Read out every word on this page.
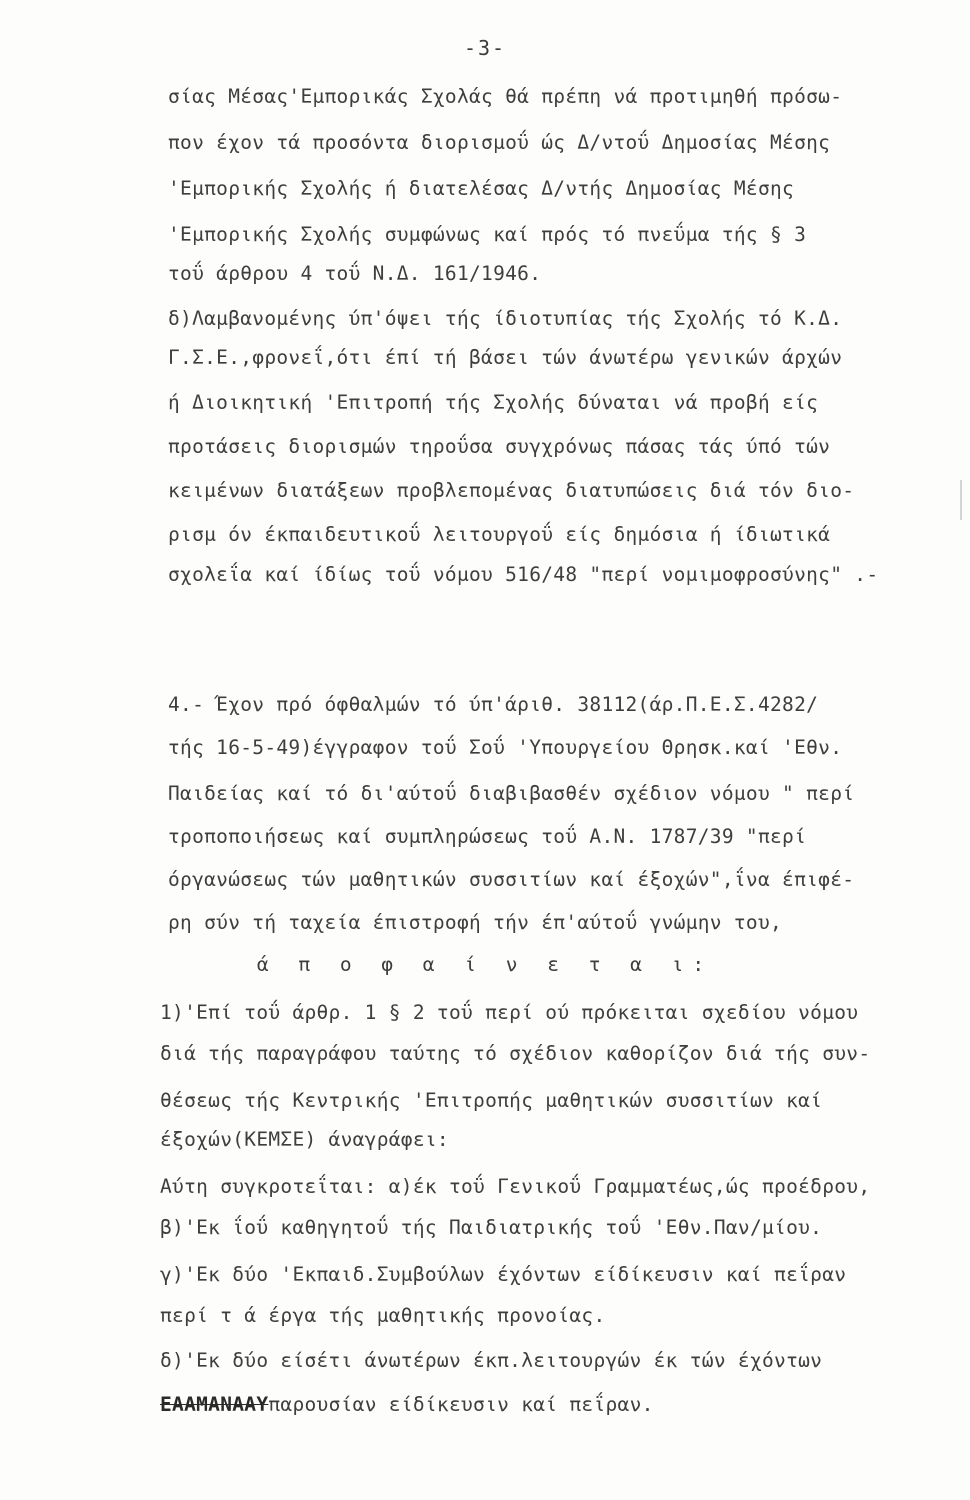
-3-
σίας Μέσας'Εμπορικάς Σχολάς θά πρέπη νά προτιμηθή πρόσω-
πον έχον τά προσόντα διορισμοΰ ώς Δ/ντοΰ Δημοσίας Μέσης
'Εμπορικής Σχολής ή διατελέσας Δ/ντής Δημοσίας Μέσης
'Εμπορικής Σχολής συμφώνως καί πρός τό πνεΰμα τής § 3
τοΰ άρθρου 4 τοΰ Ν.Δ. 161/1946.
δ)Λαμβανομένης ύπ'όψει τής ίδιοτυπίας τής Σχολής τό Κ.Δ.
Γ.Σ.Ε.,φρονεΐ,ότι έπί τή βάσει τών άνωτέρω γενικών άρχών
ή Διοικητική 'Επιτροπή τής Σχολής δύναται νά προβή είς
προτάσεις διορισμών τηροΰσα συγχρόνως πάσας τάς ύπό τών
κειμένων διατάξεων προβλεπομένας διατυπώσεις διά τόν διο-
ρισμ όν έκπαιδευτικοΰ λειτουργοΰ είς δημόσια ή ίδιωτικά
σχολεΐα καί ίδίως τοΰ νόμου 516/48 "περί νομιμοφροσύνης" .-
4.- Έχον πρό όφθαλμών τό ύπ'άριθ. 38112(άρ.Π.Ε.Σ.4282/
τής 16-5-49)έγγραφον τοΰ Σοΰ 'Υπουργείου Θρησκ.καί 'Εθν.
Παιδείας καί τό δι'αύτοΰ διαβιβασθέν σχέδιον νόμου " περί
τροποποιήσεως καί συμπληρώσεως τοΰ Α.Ν. 1787/39 "περί
όργανώσεως τών μαθητικών συσσιτίων καί έξοχών",ΐνα έπιφέ-
ρη σύν τή ταχεία έπιστροφή τήν έπ'αύτοΰ γνώμην του,
ά π ο φ α ί ν ε τ α ι:
1)'Επί τοΰ άρθρ. 1 § 2 τοΰ περί ού πρόκειται σχεδίου νόμου
διά τής παραγράφου ταύτης τό σχέδιον καθορίζον διά τής συν-
θέσεως τής Κεντρικής 'Επιτροπής μαθητικών συσσιτίων καί
έξοχών(ΚΕΜΣΕ) άναγράφει:
Αύτη συγκροτεΐται: α)έκ τοΰ Γενικοΰ Γραμματέως,ώς προέδρου,
β)'Εκ ΐοΰ καθηγητοΰ τής Παιδιατρικής τοΰ 'Εθν.Παν/μίου.
γ)'Εκ δύο 'Εκπαιδ.Συμβούλων έχόντων είδίκευσιν καί πεΐραν
περί τ ά έργα τής μαθητικής προνοίας.
δ)'Εκ δύο είσέτι άνωτέρων έκπ.λειτουργών έκ τών έχόντων
ΕΑΑΜΑΝΑΑΥπαρουσίαν είδίκευσιν καί πεΐραν.
